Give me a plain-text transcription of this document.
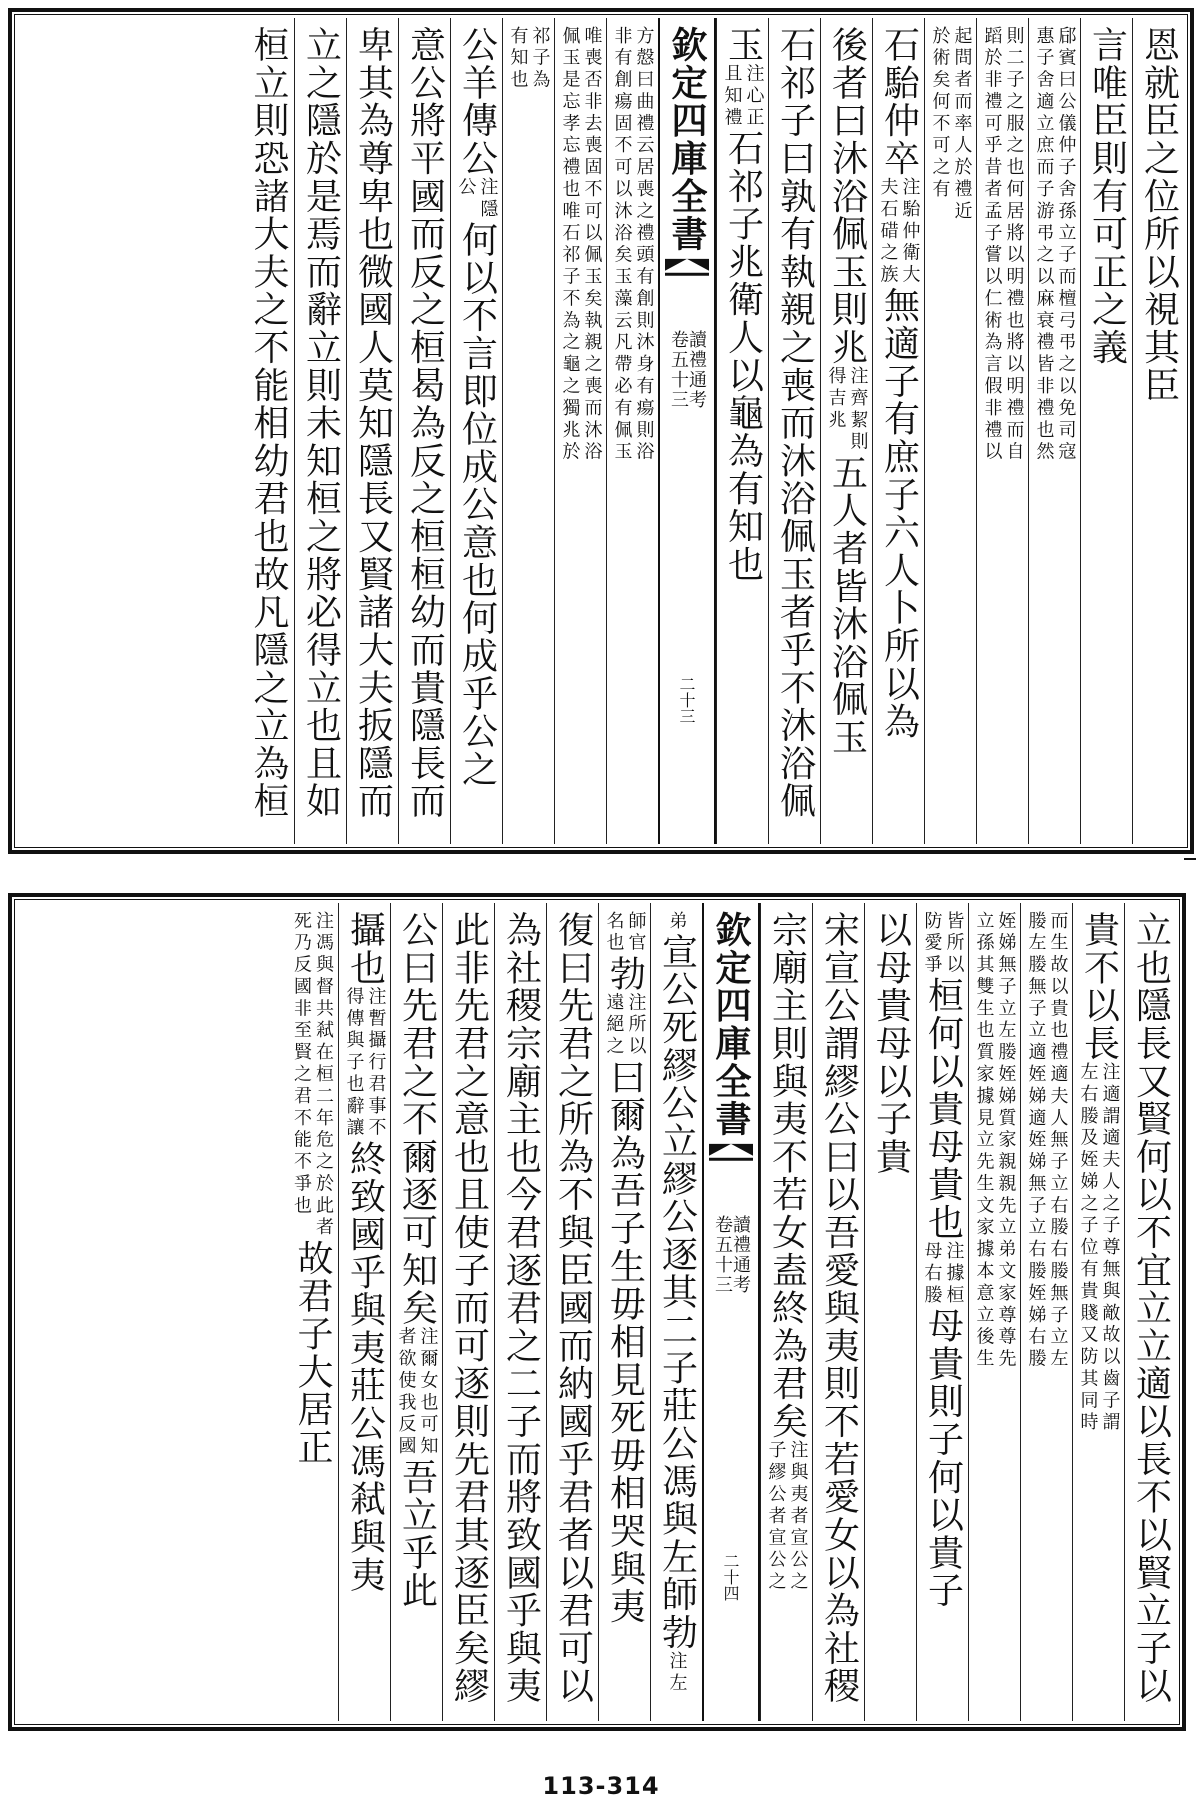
恩就臣之位所以視其臣
言唯臣則有可正之義
郈賓曰公儀仲子舍孫立子而檀弓弔之以免司寇
惠子舍適立庶而子游弔之以麻衰禮皆非禮也然
則二子之服之也何居將以明禮也將以明禮而自
蹈於非禮可乎昔者孟子嘗以仁術為言假非禮以
起問者而率人於禮近
於術矣何不可之有
石駘仲卒
注駘仲衛大
夫石碏之族
無適子有庶子六人卜所以為
後者曰沐浴佩玉則兆
注齊絜則
得吉兆
五人者皆沐浴佩玉
石祁子曰孰有執親之喪而沐浴佩玉者乎不沐浴佩
玉
注心正
且知禮
石祁子兆衛人以龜為有知也
欽定四庫全書
讀禮通考
卷五十三
二十三
方慤曰曲禮云居喪之禮頭有創則沐身有瘍則浴
非有創瘍固不可以沐浴矣玉藻云凡帶必有佩玉
唯喪否非去喪固不可以佩玉矣執親之喪而沐浴
佩玉是忘孝忘禮也唯石祁子不為之龜之獨兆於
祁子為
有知也
公羊傳公
注隱
公
何以不言即位成公意也何成乎公之
意公將平國而反之桓曷為反之桓桓幼而貴隱長而
卑其為尊卑也微國人莫知隱長又賢諸大夫扳隱而
立之隱於是焉而辭立則未知桓之將必得立也且如
桓立則恐諸大夫之不能相幼君也故凡隱之立為桓
立也隱長又賢何以不宜立立適以長不以賢立子以
貴不以長
注適謂適夫人之子尊無與敵故以齒子謂
左右媵及姪娣之子位有貴賤又防其同時
而生故以貴也禮適夫人無子立右媵右媵無子立左
媵左媵無子立適姪娣適姪娣無子立右媵姪娣右媵
姪娣無子立左媵姪娣質家親親先立弟文家尊尊先
立孫其雙生也質家據見立先生文家據本意立後生
皆所以
防愛爭
桓何以貴母貴也
注據桓
母右媵
母貴則子何以貴子
以母貴母以子貴
宋宣公謂繆公曰以吾愛與夷則不若愛女以為社稷
宗廟主則與夷不若女盍終為君矣
注與夷者宣公之
子繆公者宣公之
欽定四庫全書
讀禮通考
卷五十三
二十四
弟
宣公死繆公立繆公逐其二子莊公馮與左師勃
注左
師官
名也
勃
注所以
遠絕之
曰爾為吾子生毋相見死毋相哭
與夷
復曰先君之所為不與臣國而納國乎君者以君可以
為社稷宗廟主也今君逐君之二子而將致國乎與夷
此非先君之意也且使子而可逐則先君其逐臣矣繆
公曰先君之不爾逐可知矣
注爾女也可知
者欲使我反國
吾立乎此
攝也
注暫攝行君事不
得傳與子也辭讓
終致國乎與夷莊公馮弒與夷
注馮與督共弒在桓二年危之於此者
死乃反國非至賢之君不能不爭也
故君子大居正
113-314
